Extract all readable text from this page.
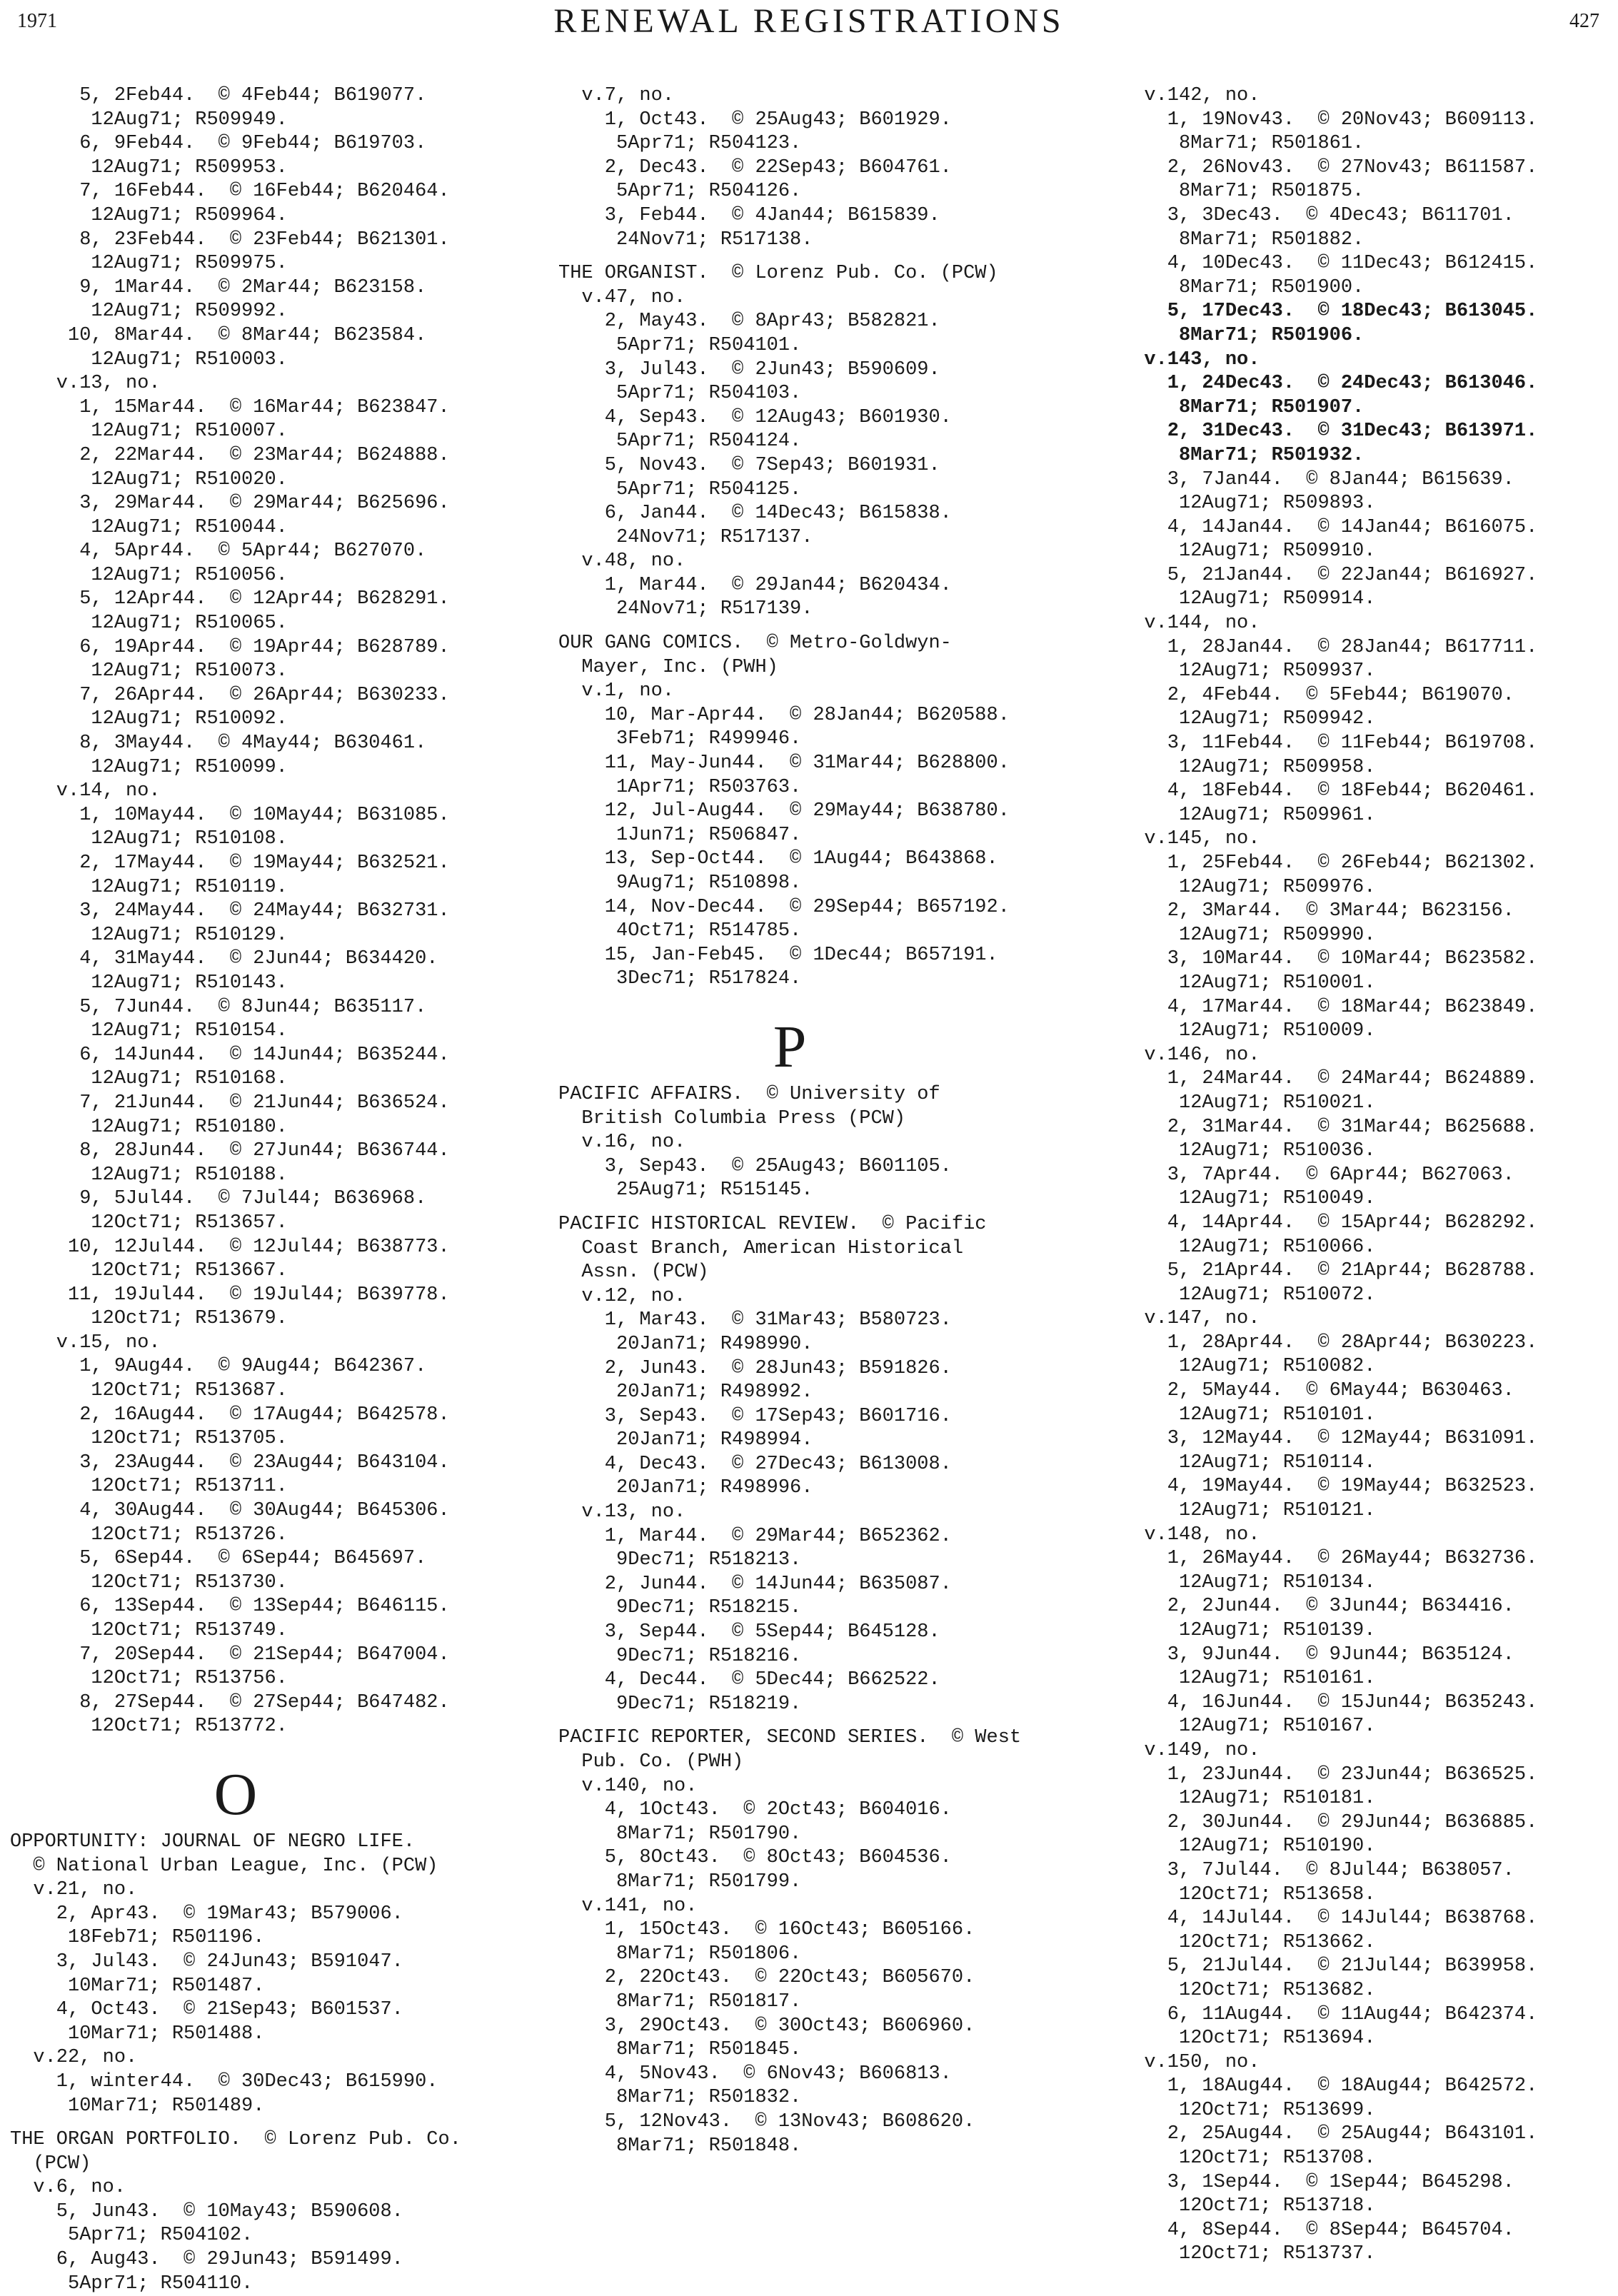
1971	RENEWAL REGISTRATIONS	427
5, 2Feb44.  © 4Feb44; B619077.
12Aug71; R509949.
6, 9Feb44.  © 9Feb44; B619703.
12Aug71; R509953.
7, 16Feb44.  © 16Feb44; B620464.
12Aug71; R509964.
8, 23Feb44.  © 23Feb44; B621301.
12Aug71; R509975.
9, 1Mar44.  © 2Mar44; B623158.
12Aug71; R509992.
10, 8Mar44.  © 8Mar44; B623584.
12Aug71; R510003.
v.13, no.
1, 15Mar44.  © 16Mar44; B623847.
12Aug71; R510007.
2, 22Mar44.  © 23Mar44; B624888.
12Aug71; R510020.
3, 29Mar44.  © 29Mar44; B625696.
12Aug71; R510044.
4, 5Apr44.  © 5Apr44; B627070.
12Aug71; R510056.
5, 12Apr44.  © 12Apr44; B628291.
12Aug71; R510065.
6, 19Apr44.  © 19Apr44; B628789.
12Aug71; R510073.
7, 26Apr44.  © 26Apr44; B630233.
12Aug71; R510092.
8, 3May44.  © 4May44; B630461.
12Aug71; R510099.
v.14, no.
1, 10May44.  © 10May44; B631085.
12Aug71; R510108.
2, 17May44.  © 19May44; B632521.
12Aug71; R510119.
3, 24May44.  © 24May44; B632731.
12Aug71; R510129.
4, 31May44.  © 2Jun44; B634420.
12Aug71; R510143.
5, 7Jun44.  © 8Jun44; B635117.
12Aug71; R510154.
6, 14Jun44.  © 14Jun44; B635244.
12Aug71; R510168.
7, 21Jun44.  © 21Jun44; B636524.
12Aug71; R510180.
8, 28Jun44.  © 27Jun44; B636744.
12Aug71; R510188.
9, 5Jul44.  © 7Jul44; B636968.
12Oct71; R513657.
10, 12Jul44.  © 12Jul44; B638773.
12Oct71; R513667.
11, 19Jul44.  © 19Jul44; B639778.
12Oct71; R513679.
v.15, no.
1, 9Aug44.  © 9Aug44; B642367.
12Oct71; R513687.
2, 16Aug44.  © 17Aug44; B642578.
12Oct71; R513705.
3, 23Aug44.  © 23Aug44; B643104.
12Oct71; R513711.
4, 30Aug44.  © 30Aug44; B645306.
12Oct71; R513726.
5, 6Sep44.  © 6Sep44; B645697.
12Oct71; R513730.
6, 13Sep44.  © 13Sep44; B646115.
12Oct71; R513749.
7, 20Sep44.  © 21Sep44; B647004.
12Oct71; R513756.
8, 27Sep44.  © 27Sep44; B647482.
12Oct71; R513772.
O
OPPORTUNITY: JOURNAL OF NEGRO LIFE.
© National Urban League, Inc. (PCW)
v.21, no.
2, Apr43.  © 19Mar43; B579006.
18Feb71; R501196.
3, Jul43.  © 24Jun43; B591047.
10Mar71; R501487.
4, Oct43.  © 21Sep43; B601537.
10Mar71; R501488.
v.22, no.
1, winter44.  © 30Dec43; B615990.
10Mar71; R501489.
THE ORGAN PORTFOLIO.  © Lorenz Pub. Co.
(PCW)
v.6, no.
5, Jun43.  © 10May43; B590608.
5Apr71; R504102.
6, Aug43.  © 29Jun43; B591499.
5Apr71; R504110.
v.7, no.
1, Oct43.  © 25Aug43; B601929.
5Apr71; R504123.
2, Dec43.  © 22Sep43; B604761.
5Apr71; R504126.
3, Feb44.  © 4Jan44; B615839.
24Nov71; R517138.
THE ORGANIST.  © Lorenz Pub. Co. (PCW)
v.47, no.
2, May43.  © 8Apr43; B582821.
5Apr71; R504101.
3, Jul43.  © 2Jun43; B590609.
5Apr71; R504103.
4, Sep43.  © 12Aug43; B601930.
5Apr71; R504124.
5, Nov43.  © 7Sep43; B601931.
5Apr71; R504125.
6, Jan44.  © 14Dec43; B615838.
24Nov71; R517137.
v.48, no.
1, Mar44.  © 29Jan44; B620434.
24Nov71; R517139.
OUR GANG COMICS.  © Metro-Goldwyn-
Mayer, Inc. (PWH)
v.1, no.
10, Mar-Apr44.  © 28Jan44; B620588.
3Feb71; R499946.
11, May-Jun44.  © 31Mar44; B628800.
1Apr71; R503763.
12, Jul-Aug44.  © 29May44; B638780.
1Jun71; R506847.
13, Sep-Oct44.  © 1Aug44; B643868.
9Aug71; R510898.
14, Nov-Dec44.  © 29Sep44; B657192.
4Oct71; R514785.
15, Jan-Feb45.  © 1Dec44; B657191.
3Dec71; R517824.
P
PACIFIC AFFAIRS.  © University of
British Columbia Press (PCW)
v.16, no.
3, Sep43.  © 25Aug43; B601105.
25Aug71; R515145.
PACIFIC HISTORICAL REVIEW.  © Pacific
Coast Branch, American Historical
Assn. (PCW)
v.12, no.
1, Mar43.  © 31Mar43; B580723.
20Jan71; R498990.
2, Jun43.  © 28Jun43; B591826.
20Jan71; R498992.
3, Sep43.  © 17Sep43; B601716.
20Jan71; R498994.
4, Dec43.  © 27Dec43; B613008.
20Jan71; R498996.
v.13, no.
1, Mar44.  © 29Mar44; B652362.
9Dec71; R518213.
2, Jun44.  © 14Jun44; B635087.
9Dec71; R518215.
3, Sep44.  © 5Sep44; B645128.
9Dec71; R518216.
4, Dec44.  © 5Dec44; B662522.
9Dec71; R518219.
PACIFIC REPORTER, SECOND SERIES.  © West
Pub. Co. (PWH)
v.140, no.
4, 1Oct43.  © 2Oct43; B604016.
8Mar71; R501790.
5, 8Oct43.  © 8Oct43; B604536.
8Mar71; R501799.
v.141, no.
1, 15Oct43.  © 16Oct43; B605166.
8Mar71; R501806.
2, 22Oct43.  © 22Oct43; B605670.
8Mar71; R501817.
3, 29Oct43.  © 30Oct43; B606960.
8Mar71; R501845.
4, 5Nov43.  © 6Nov43; B606813.
8Mar71; R501832.
5, 12Nov43.  © 13Nov43; B608620.
8Mar71; R501848.
v.142, no.
1, 19Nov43.  © 20Nov43; B609113.
8Mar71; R501861.
2, 26Nov43.  © 27Nov43; B611587.
8Mar71; R501875.
3, 3Dec43.  © 4Dec43; B611701.
8Mar71; R501882.
4, 10Dec43.  © 11Dec43; B612415.
8Mar71; R501900.
5, 17Dec43.  © 18Dec43; B613045.
8Mar71; R501906.
v.143, no.
1, 24Dec43.  © 24Dec43; B613046.
8Mar71; R501907.
2, 31Dec43.  © 31Dec43; B613971.
8Mar71; R501932.
3, 7Jan44.  © 8Jan44; B615639.
12Aug71; R509893.
4, 14Jan44.  © 14Jan44; B616075.
12Aug71; R509910.
5, 21Jan44.  © 22Jan44; B616927.
12Aug71; R509914.
v.144, no.
1, 28Jan44.  © 28Jan44; B617711.
12Aug71; R509937.
2, 4Feb44.  © 5Feb44; B619070.
12Aug71; R509942.
3, 11Feb44.  © 11Feb44; B619708.
12Aug71; R509958.
4, 18Feb44.  © 18Feb44; B620461.
12Aug71; R509961.
v.145, no.
1, 25Feb44.  © 26Feb44; B621302.
12Aug71; R509976.
2, 3Mar44.  © 3Mar44; B623156.
12Aug71; R509990.
3, 10Mar44.  © 10Mar44; B623582.
12Aug71; R510001.
4, 17Mar44.  © 18Mar44; B623849.
12Aug71; R510009.
v.146, no.
1, 24Mar44.  © 24Mar44; B624889.
12Aug71; R510021.
2, 31Mar44.  © 31Mar44; B625688.
12Aug71; R510036.
3, 7Apr44.  © 6Apr44; B627063.
12Aug71; R510049.
4, 14Apr44.  © 15Apr44; B628292.
12Aug71; R510066.
5, 21Apr44.  © 21Apr44; B628788.
12Aug71; R510072.
v.147, no.
1, 28Apr44.  © 28Apr44; B630223.
12Aug71; R510082.
2, 5May44.  © 6May44; B630463.
12Aug71; R510101.
3, 12May44.  © 12May44; B631091.
12Aug71; R510114.
4, 19May44.  © 19May44; B632523.
12Aug71; R510121.
v.148, no.
1, 26May44.  © 26May44; B632736.
12Aug71; R510134.
2, 2Jun44.  © 3Jun44; B634416.
12Aug71; R510139.
3, 9Jun44.  © 9Jun44; B635124.
12Aug71; R510161.
4, 16Jun44.  © 15Jun44; B635243.
12Aug71; R510167.
v.149, no.
1, 23Jun44.  © 23Jun44; B636525.
12Aug71; R510181.
2, 30Jun44.  © 29Jun44; B636885.
12Aug71; R510190.
3, 7Jul44.  © 8Jul44; B638057.
12Oct71; R513658.
4, 14Jul44.  © 14Jul44; B638768.
12Oct71; R513662.
5, 21Jul44.  © 21Jul44; B639958.
12Oct71; R513682.
6, 11Aug44.  © 11Aug44; B642374.
12Oct71; R513694.
v.150, no.
1, 18Aug44.  © 18Aug44; B642572.
12Oct71; R513699.
2, 25Aug44.  © 25Aug44; B643101.
12Oct71; R513708.
3, 1Sep44.  © 1Sep44; B645298.
12Oct71; R513718.
4, 8Sep44.  © 8Sep44; B645704.
12Oct71; R513737.
